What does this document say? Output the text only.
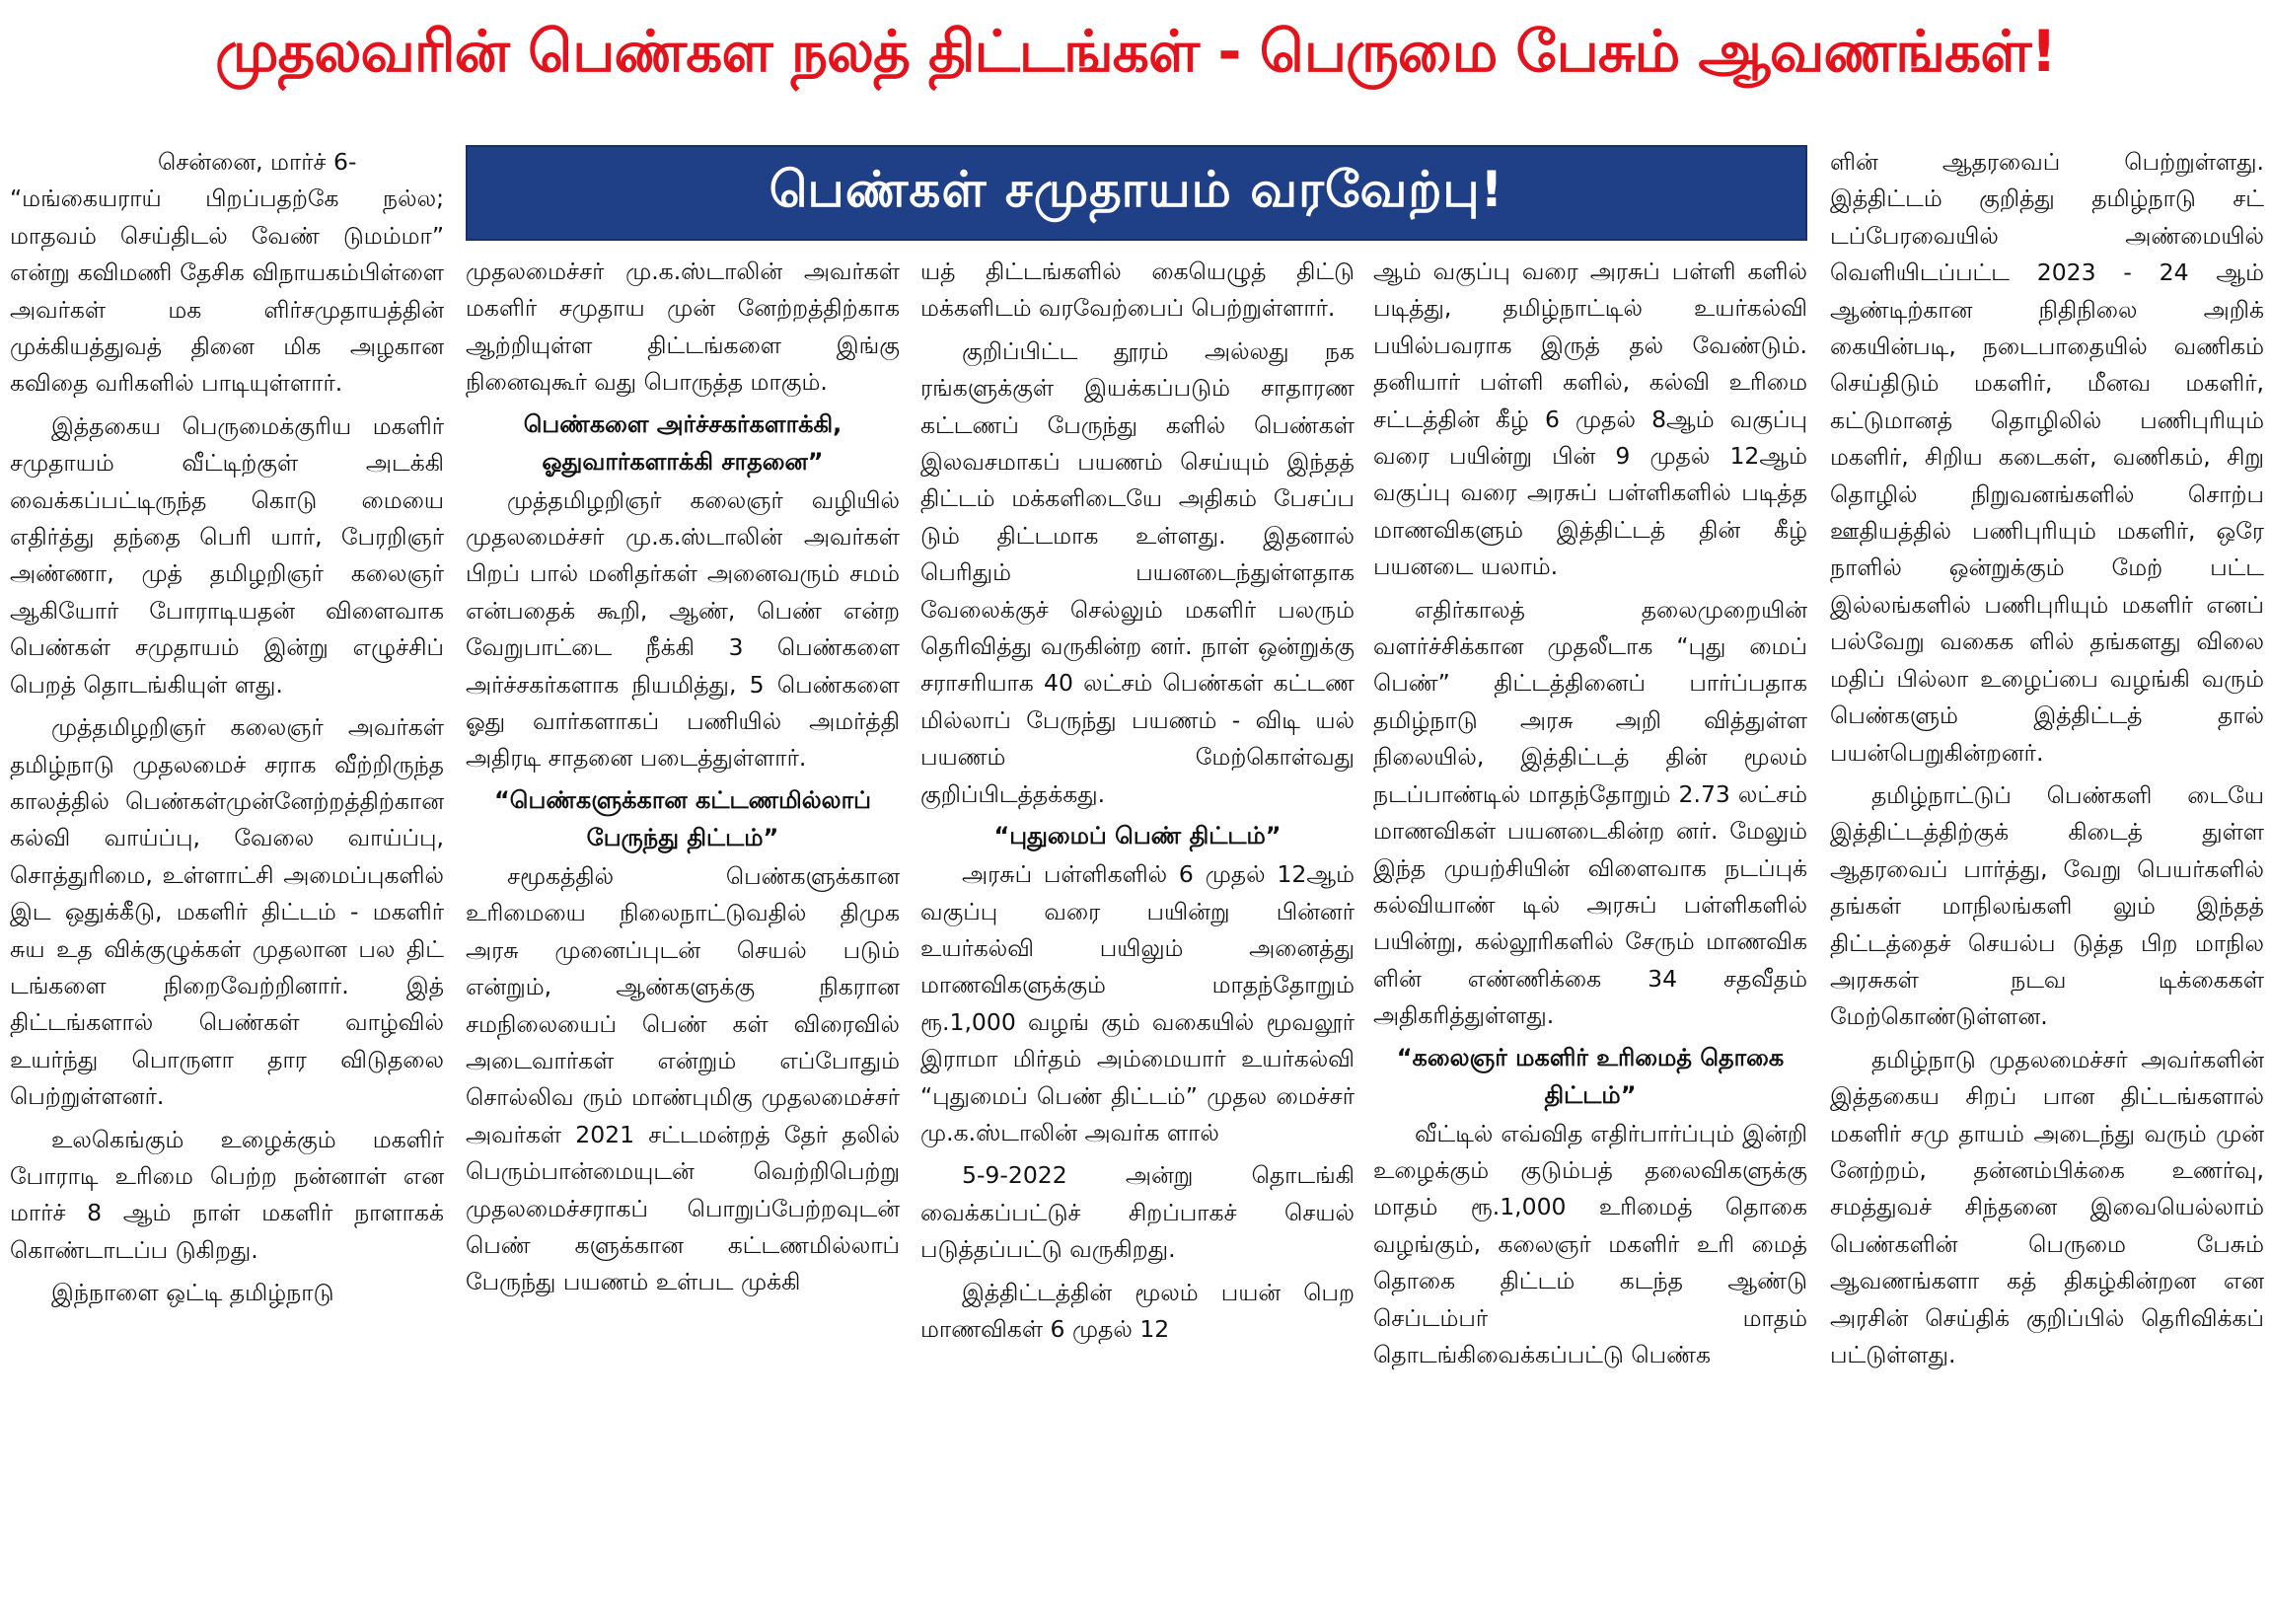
முதலவரின் பெண்கள நலத் திட்டங்கள் - பெருமை பேசும் ஆவணங்கள்!
பெண்கள் சமுதாயம் வரவேற்பு!

சென்னை, மார்ச் 6-

“மங்கையராய் பிறப்பதற்கே நல்ல; மாதவம் செய்திடல் வேண் டுமம்மா” என்று கவிமணி தேசிக விநாயகம்பிள்ளை அவர்கள் மக ளிர்சமுதாயத்தின் முக்கியத்துவத் தினை மிக அழகான கவிதை வரிகளில் பாடியுள்ளார்.

இத்தகைய பெருமைக்குரிய மகளிர் சமுதாயம் வீட்டிற்குள் அடக்கி வைக்கப்பட்டிருந்த கொடு மையை எதிர்த்து தந்தை பெரி யார், பேரறிஞர் அண்ணா, முத் தமிழறிஞர் கலைஞர் ஆகியோர் போராடியதன் விளைவாக பெண்கள் சமுதாயம் இன்று எழுச்சிப் பெறத் தொடங்கியுள் ளது.

முத்தமிழறிஞர் கலைஞர் அவர்கள் தமிழ்நாடு முதலமைச் சராக வீற்றிருந்த காலத்தில் பெண்கள்முன்னேற்றத்திற்கான கல்வி வாய்ப்பு, வேலை வாய்ப்பு, சொத்துரிமை, உள்ளாட்சி அமைப்புகளில் இட ஒதுக்கீடு, மகளிர் திட்டம் - மகளிர் சுய உத விக்குழுக்கள் முதலான பல திட் டங்களை நிறைவேற்றினார். இத் திட்டங்களால் பெண்கள் வாழ்வில் உயர்ந்து பொருளா தார விடுதலை பெற்றுள்ளனர்.

உலகெங்கும் உழைக்கும் மகளிர் போராடி உரிமை பெற்ற நன்னாள் என மார்ச் 8 ஆம் நாள் மகளிர் நாளாகக் கொண்டாடப்ப டுகிறது.

இந்நாளை ஒட்டி தமிழ்நாடு

முதலமைச்சர் மு.க.ஸ்டாலின் அவர்கள் மகளிர் சமுதாய முன் னேற்றத்திற்காக ஆற்றியுள்ள திட்டங்களை இங்கு நினைவுகூர் வது பொருத்த மாகும்.

பெண்களை அர்ச்சகர்களாக்கி, ஓதுவார்களாக்கி சாதனை”

முத்தமிழறிஞர் கலைஞர் வழியில் முதலமைச்சர் மு.க.ஸ்டாலின் அவர்கள் பிறப் பால் மனிதர்கள் அனைவரும் சமம் என்பதைக் கூறி, ஆண், பெண் என்ற வேறுபாட்டை நீக்கி 3 பெண்களை அர்ச்சகர்களாக நியமித்து, 5 பெண்களை ஓது வார்களாகப் பணியில் அமர்த்தி அதிரடி சாதனை படைத்துள்ளார்.

“பெண்களுக்கான கட்டணமில்லாப் பேருந்து திட்டம்”

சமூகத்தில் பெண்களுக்கான உரிமையை நிலைநாட்டுவதில் திமுக அரசு முனைப்புடன் செயல் படும் என்றும், ஆண்களுக்கு நிகரான சமநிலையைப் பெண் கள் விரைவில் அடைவார்கள் என்றும் எப்போதும் சொல்லிவ ரும் மாண்புமிகு முதலமைச்சர் அவர்கள் 2021 சட்டமன்றத் தேர் தலில் பெரும்பான்மையுடன் வெற்றிபெற்று முதலமைச்சராகப் பொறுப்பேற்றவுடன் பெண் களுக்கான கட்டணமில்லாப் பேருந்து பயணம் உள்பட முக்கி

யத் திட்டங்களில் கையெழுத் திட்டு மக்களிடம் வரவேற்பைப் பெற்றுள்ளார்.

குறிப்பிட்ட தூரம் அல்லது நக ரங்களுக்குள் இயக்கப்படும் சாதாரண கட்டணப் பேருந்து களில் பெண்கள் இலவசமாகப் பயணம் செய்யும் இந்தத் திட்டம் மக்களிடையே அதிகம் பேசப்ப டும் திட்டமாக உள்ளது. இதனால் பெரிதும் பயனடைந்துள்ளதாக வேலைக்குச் செல்லும் மகளிர் பலரும் தெரிவித்து வருகின்ற னர். நாள் ஒன்றுக்கு சராசரியாக 40 லட்சம் பெண்கள் கட்டண மில்லாப் பேருந்து பயணம் - விடி யல் பயணம் மேற்கொள்வது குறிப்பிடத்தக்கது.

“புதுமைப் பெண் திட்டம்”

அரசுப் பள்ளிகளில் 6 முதல் 12ஆம் வகுப்பு வரை பயின்று பின்னர் உயர்கல்வி பயிலும் அனைத்து மாணவிகளுக்கும் மாதந்தோறும் ரூ.1,000 வழங் கும் வகையில் மூவலூர் இராமா மிர்தம் அம்மையார் உயர்கல்வி “புதுமைப் பெண் திட்டம்” முதல மைச்சர் மு.க.ஸ்டாலின் அவர்க ளால்

5-9-2022 அன்று தொடங்கி வைக்கப்பட்டுச் சிறப்பாகச் செயல் படுத்தப்பட்டு வருகிறது.

இத்திட்டத்தின் மூலம் பயன் பெற மாணவிகள் 6 முதல் 12

ஆம் வகுப்பு வரை அரசுப் பள்ளி களில் படித்து, தமிழ்நாட்டில் உயர்கல்வி பயில்பவராக இருத் தல் வேண்டும். தனியார் பள்ளி களில், கல்வி உரிமை சட்டத்தின் கீழ் 6 முதல் 8ஆம் வகுப்பு வரை பயின்று பின் 9 முதல் 12ஆம் வகுப்பு வரை அரசுப் பள்ளிகளில் படித்த மாணவிகளும் இத்திட்டத் தின் கீழ் பயனடை யலாம்.

எதிர்காலத் தலைமுறையின் வளர்ச்சிக்கான முதலீடாக “புது மைப் பெண்” திட்டத்தினைப் பார்ப்பதாக தமிழ்நாடு அரசு அறி வித்துள்ள நிலையில், இத்திட்டத் தின் மூலம் நடப்பாண்டில் மாதந்தோறும் 2.73 லட்சம் மாணவிகள் பயனடைகின்ற னர். மேலும் இந்த முயற்சியின் விளைவாக நடப்புக் கல்வியாண் டில் அரசுப் பள்ளிகளில் பயின்று, கல்லூரிகளில் சேரும் மாணவிக ளின் எண்ணிக்கை 34 சதவீதம் அதிகரித்துள்ளது.

“கலைஞர் மகளிர் உரிமைத் தொகை திட்டம்”

வீட்டில் எவ்வித எதிர்பார்ப்பும் இன்றி உழைக்கும் குடும்பத் தலைவிகளுக்கு மாதம் ரூ.1,000 உரிமைத் தொகை வழங்கும், கலைஞர் மகளிர் உரி மைத் தொகை திட்டம் கடந்த ஆண்டு செப்டம்பர் மாதம் தொடங்கிவைக்கப்பட்டு பெண்க

ளின் ஆதரவைப் பெற்றுள்ளது. இத்திட்டம் குறித்து தமிழ்நாடு சட் டப்பேரவையில் அண்மையில் வெளியிடப்பட்ட 2023 - 24 ஆம் ஆண்டிற்கான நிதிநிலை அறிக் கையின்படி, நடைபாதையில் வணிகம் செய்திடும் மகளிர், மீனவ மகளிர், கட்டுமானத் தொழிலில் பணிபுரியும் மகளிர், சிறிய கடைகள், வணிகம், சிறு தொழில் நிறுவனங்களில் சொற்ப ஊதியத்தில் பணிபுரியும் மகளிர், ஒரே நாளில் ஒன்றுக்கும் மேற் பட்ட இல்லங்களில் பணிபுரியும் மகளிர் எனப் பல்வேறு வகைக ளில் தங்களது விலை மதிப் பில்லா உழைப்பை வழங்கி வரும் பெண்களும் இத்திட்டத் தால் பயன்பெறுகின்றனர்.

தமிழ்நாட்டுப் பெண்களி டையே இத்திட்டத்திற்குக் கிடைத் துள்ள ஆதரவைப் பார்த்து, வேறு பெயர்களில் தங்கள் மாநிலங்களி லும் இந்தத் திட்டத்தைச் செயல்ப டுத்த பிற மாநில அரசுகள் நடவ டிக்கைகள் மேற்கொண்டுள்ளன.

தமிழ்நாடு முதலமைச்சர் அவர்களின் இத்தகைய சிறப் பான திட்டங்களால் மகளிர் சமு தாயம் அடைந்து வரும் முன் னேற்றம், தன்னம்பிக்கை உணர்வு, சமத்துவச் சிந்தனை இவையெல்லாம் பெண்களின் பெருமை பேசும் ஆவணங்களா கத் திகழ்கின்றன என அரசின் செய்திக் குறிப்பில் தெரிவிக்கப் பட்டுள்ளது.
